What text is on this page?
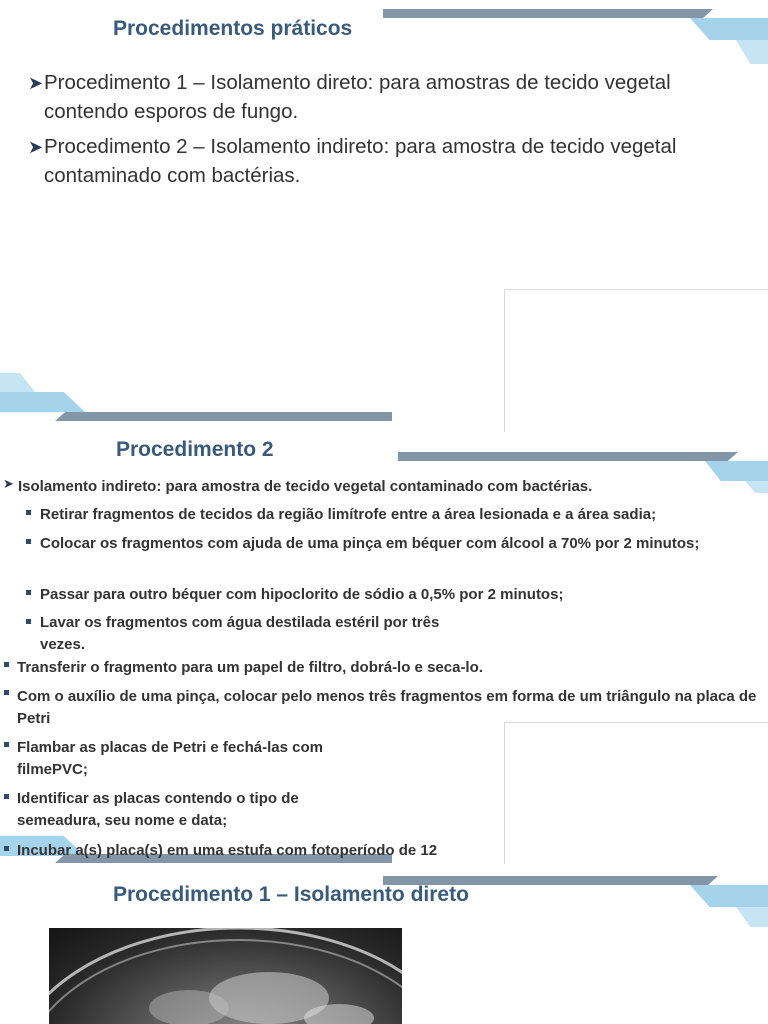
Procedimentos práticos
➤ Procedimento 1 – Isolamento direto: para amostras de tecido vegetal contendo esporos de fungo.
➤ Procedimento 2 – Isolamento indireto: para amostra de tecido vegetal contaminado com bactérias.
Procedimento 2
➤ Isolamento indireto: para amostra de tecido vegetal contaminado com bactérias.

Retirar fragmentos de tecidos da região limítrofe entre a área lesionada e a área sadia;

Colocar os fragmentos com ajuda de uma pinça em béquer com álcool a 70% por 2 minutos;

Passar para outro béquer com hipoclorito de sódio a 0,5% por 2 minutos;

Lavar os fragmentos com água destilada estéril por três vezes.

Transferir o fragmento para um papel de filtro, dobrá-lo e seca-lo.

Com o auxílio de uma pinça, colocar pelo menos três fragmentos em forma de um triângulo na placa de Petri

Flambar as placas de Petri e fechá-las com filmePVC;

Identificar as placas contendo o tipo de semeadura, seu nome e data;

Incubar a(s) placa(s) em uma estufa com fotoperíodo de 12

Procedimento 1 – Isolamento direto
